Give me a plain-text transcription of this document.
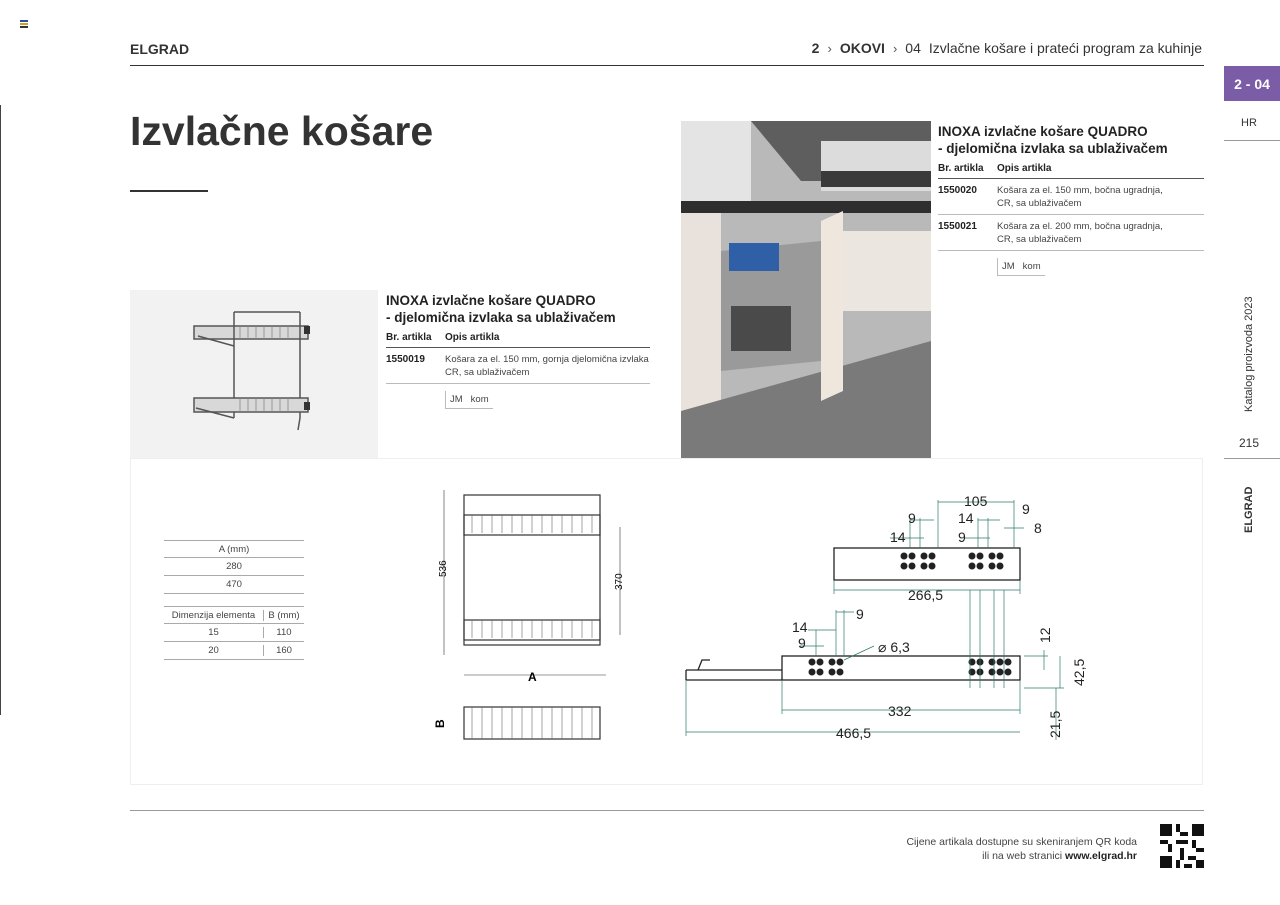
ELGRAD	2 › OKOVI › 04 Izvlačne košare i prateći program za kuhinje
2 - 04
HR
Katalog proizvoda 2023
215
ELGRAD
Izvlačne košare
INOXA izvlačne košare QUADRO
- djelomična izvlaka sa ublaživačem
Br. artikla	Opis artikla
1550019	Košara za el. 150 mm, gornja djelomična izvlaka
CR, sa ublaživačem
JM kom
INOXA izvlačne košare QUADRO
- djelomična izvlaka sa ublaživačem
Br. artikla	Opis artikla
1550020	Košara za el. 150 mm, bočna ugradnja,
CR, sa ublaživačem
1550021	Košara za el. 200 mm, bočna ugradnja,
CR, sa ublaživačem
JM kom
A (mm)
280
470
Dimenzija elementa	B (mm)
15	110
20	160
536
370
A
B
105 9
9	14
14	9
8
266,5
14
9
9
⌀ 6,3
12
42,5
332
466,5	21,5
Cijene artikala dostupne su skeniranjem QR koda
ili na web stranici www.elgrad.hr
